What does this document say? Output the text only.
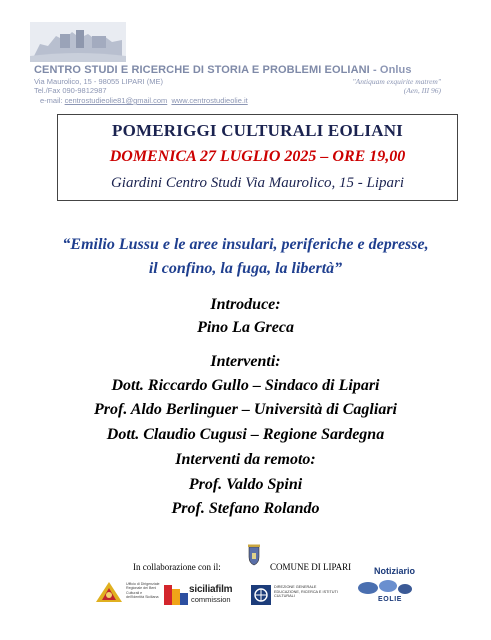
CENTRO STUDI E RICERCHE DI STORIA E PROBLEMI EOLIANI - Onlus
Via Maurolico, 15 - 98055 LIPARI (ME)
Tel./Fax 090-9812987
"Antiquam exquirite matrem"
(Aen, III 96)
e-mail: centrostudieolie81@gmail.com www.centrostudieolie.it
POMERIGGI CULTURALI EOLIANI
DOMENICA 27 LUGLIO 2025 – ORE 19,00
Giardini Centro Studi Via Maurolico, 15 - Lipari
“Emilio Lussu e le aree insulari, periferiche e depresse,
il confino, la fuga, la libertà”
Introduce:
Pino La Greca
Interventi:
Dott. Riccardo Gullo – Sindaco di Lipari
Prof. Aldo Berlinguer – Università di Cagliari
Dott. Claudio Cugusi – Regione Sardegna
Interventi da remoto:
Prof. Valdo Spini
Prof. Stefano Rolando
In collaborazione con il:	COMUNE DI LIPARI
Ufficio di Dirigenziale Regionale dei Beni Culturali e dell'Identità Siciliana
siciliafilm
commission
DIREZIONE GENERALE EDUCAZIONE, RICERCA E ISTITUTI CULTURALI
Notiziario
EOLIE
